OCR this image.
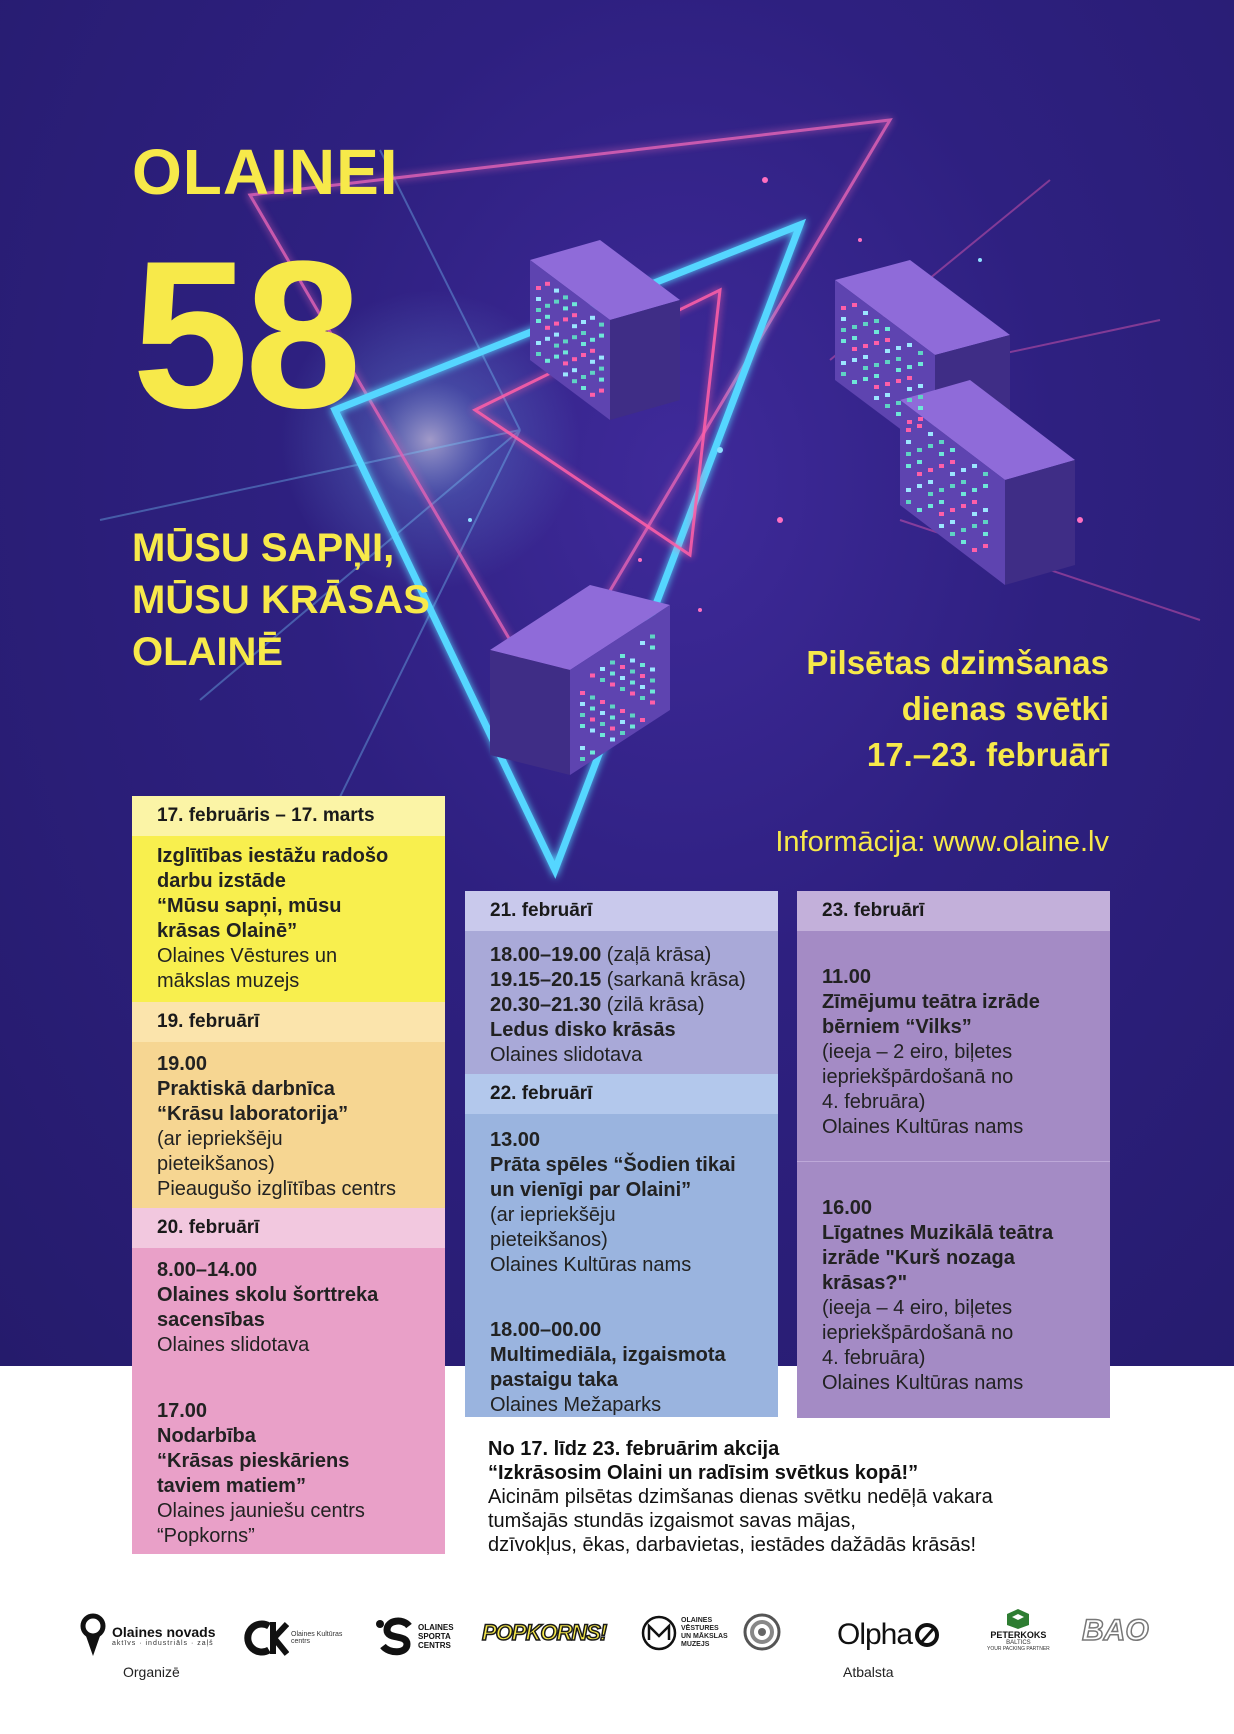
OLAINEI
58
MŪSU SAPŅI,
MŪSU KRĀSAS
OLAINĒ	Pilsētas dzimšanas
dienas svētki
17.–23. februārī
Informācija: www.olaine.lv
17. februāris – 17. marts
Izglītības iestāžu radošo
darbu izstāde
“Mūsu sapņi, mūsu
krāsas Olainē”
Olaines Vēstures un
mākslas muzejs
19. februārī
19.00
Praktiskā darbnīca
“Krāsu laboratorija”
(ar iepriekšēju
pieteikšanos)
Pieaugušo izglītības centrs
20. februārī
8.00–14.00
Olaines skolu šorttreka
sacensības
Olaines slidotava
17.00
Nodarbība
“Krāsas pieskāriens
taviem matiem”
Olaines jauniešu centrs
“Popkorns”
21. februārī
18.00–19.00 (zaļā krāsa)
19.15–20.15 (sarkanā krāsa)
20.30–21.30 (zilā krāsa)
Ledus disko krāsās
Olaines slidotava
22. februārī
13.00
Prāta spēles “Šodien tikai
un vienīgi par Olaini”
(ar iepriekšēju
pieteikšanos)
Olaines Kultūras nams
18.00–00.00
Multimediāla, izgaismota
pastaigu taka
Olaines Mežaparks
23. februārī
11.00
Zīmējumu teātra izrāde
bērniem “Vilks”
(ieeja – 2 eiro, biļetes
iepriekšpārdošanā no
4. februāra)
Olaines Kultūras nams
16.00
Līgatnes Muzikālā teātra
izrāde "Kurš nozaga
krāsas?"
(ieeja – 4 eiro, biļetes
iepriekšpārdošanā no
4. februāra)
Olaines Kultūras nams
No 17. līdz 23. februārim akcija
“Izkrāsosim Olaini un radīsim svētkus kopā!”
Aicinām pilsētas dzimšanas dienas svētku nedēļā vakara
tumšajās stundās izgaismot savas mājas,
dzīvokļus, ēkas, darbavietas, iestādes dažādās krāsās!
Olaines novads
aktīvs · industriāls · zaļš
Olaines Kultūras centrs
OLAINES
SPORTA
CENTRS POPKORNS!	OLAINES
VĒSTURES
UN MĀKSLAS
MUZEJS	Olpha	PETERKOKS
BALTICS
YOUR PACKING PARTNER
BAO
Organizē	Atbalsta
